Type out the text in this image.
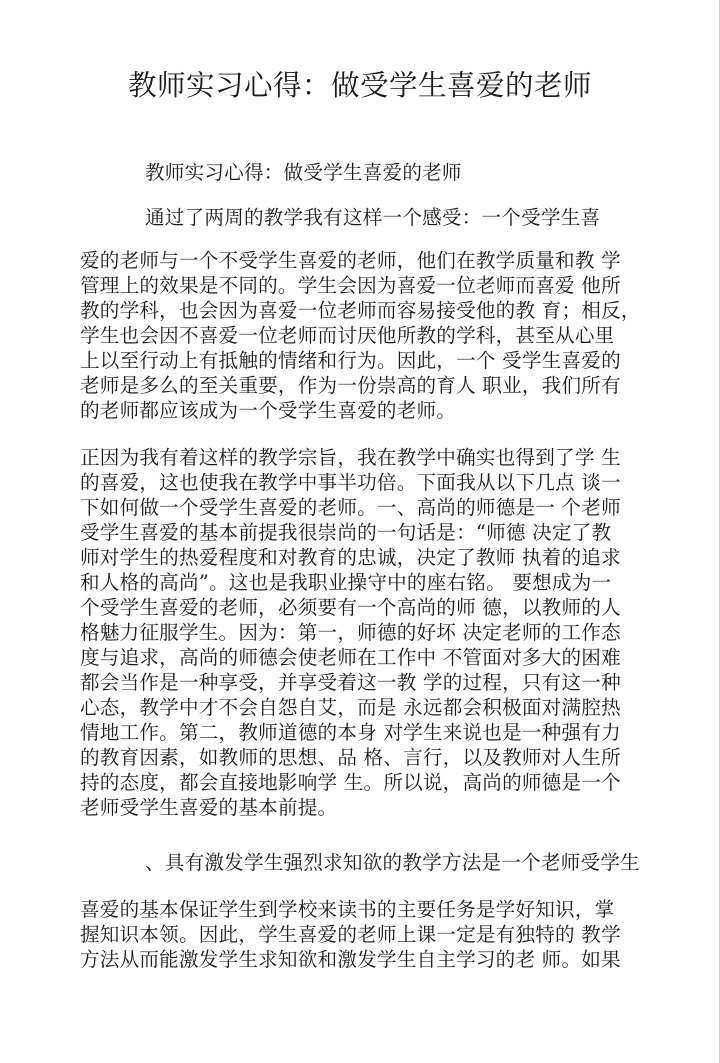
教师实习心得：做受学生喜爱的老师
教师实习心得：做受学生喜爱的老师
通过了两周的教学我有这样一个感受：一个受学生喜
爱的老师与一个不受学生喜爱的老师，他们在教学质量和教 学
管理上的效果是不同的。学生会因为喜爱一位老师而喜爱 他所
教的学科，也会因为喜爱一位老师而容易接受他的教 育；相反，
学生也会因不喜爱一位老师而讨厌他所教的学科，甚至从心里
上以至行动上有抵触的情绪和行为。因此，一个 受学生喜爱的
老师是多么的至关重要，作为一份崇高的育人 职业，我们所有
的老师都应该成为一个受学生喜爱的老师。
正因为我有着这样的教学宗旨，我在教学中确实也得到了学 生
的喜爱，这也使我在教学中事半功倍。下面我从以下几点 谈一
下如何做一个受学生喜爱的老师。一、高尚的师德是一 个老师
受学生喜爱的基本前提我很崇尚的一句话是：“师德 决定了教
师对学生的热爱程度和对教育的忠诚，决定了教师 执着的追求
和人格的高尚”。这也是我职业操守中的座右铭。 要想成为一
个受学生喜爱的老师，必须要有一个高尚的师 德，以教师的人
格魅力征服学生。因为：第一，师德的好坏 决定老师的工作态
度与追求，高尚的师德会使老师在工作中 不管面对多大的困难
都会当作是一种享受，并享受着这一教 学的过程，只有这一种
心态，教学中才不会自怨自艾，而是 永远都会积极面对满腔热
情地工作。第二，教师道德的本身 对学生来说也是一种强有力
的教育因素，如教师的思想、品 格、言行，以及教师对人生所
持的态度，都会直接地影响学 生。所以说，高尚的师德是一个
老师受学生喜爱的基本前提。
、具有激发学生强烈求知欲的教学方法是一个老师受学生
喜爱的基本保证学生到学校来读书的主要任务是学好知识，掌
握知识本领。因此，学生喜爱的老师上课一定是有独特的 教学
方法从而能激发学生求知欲和激发学生自主学习的老 师。如果
